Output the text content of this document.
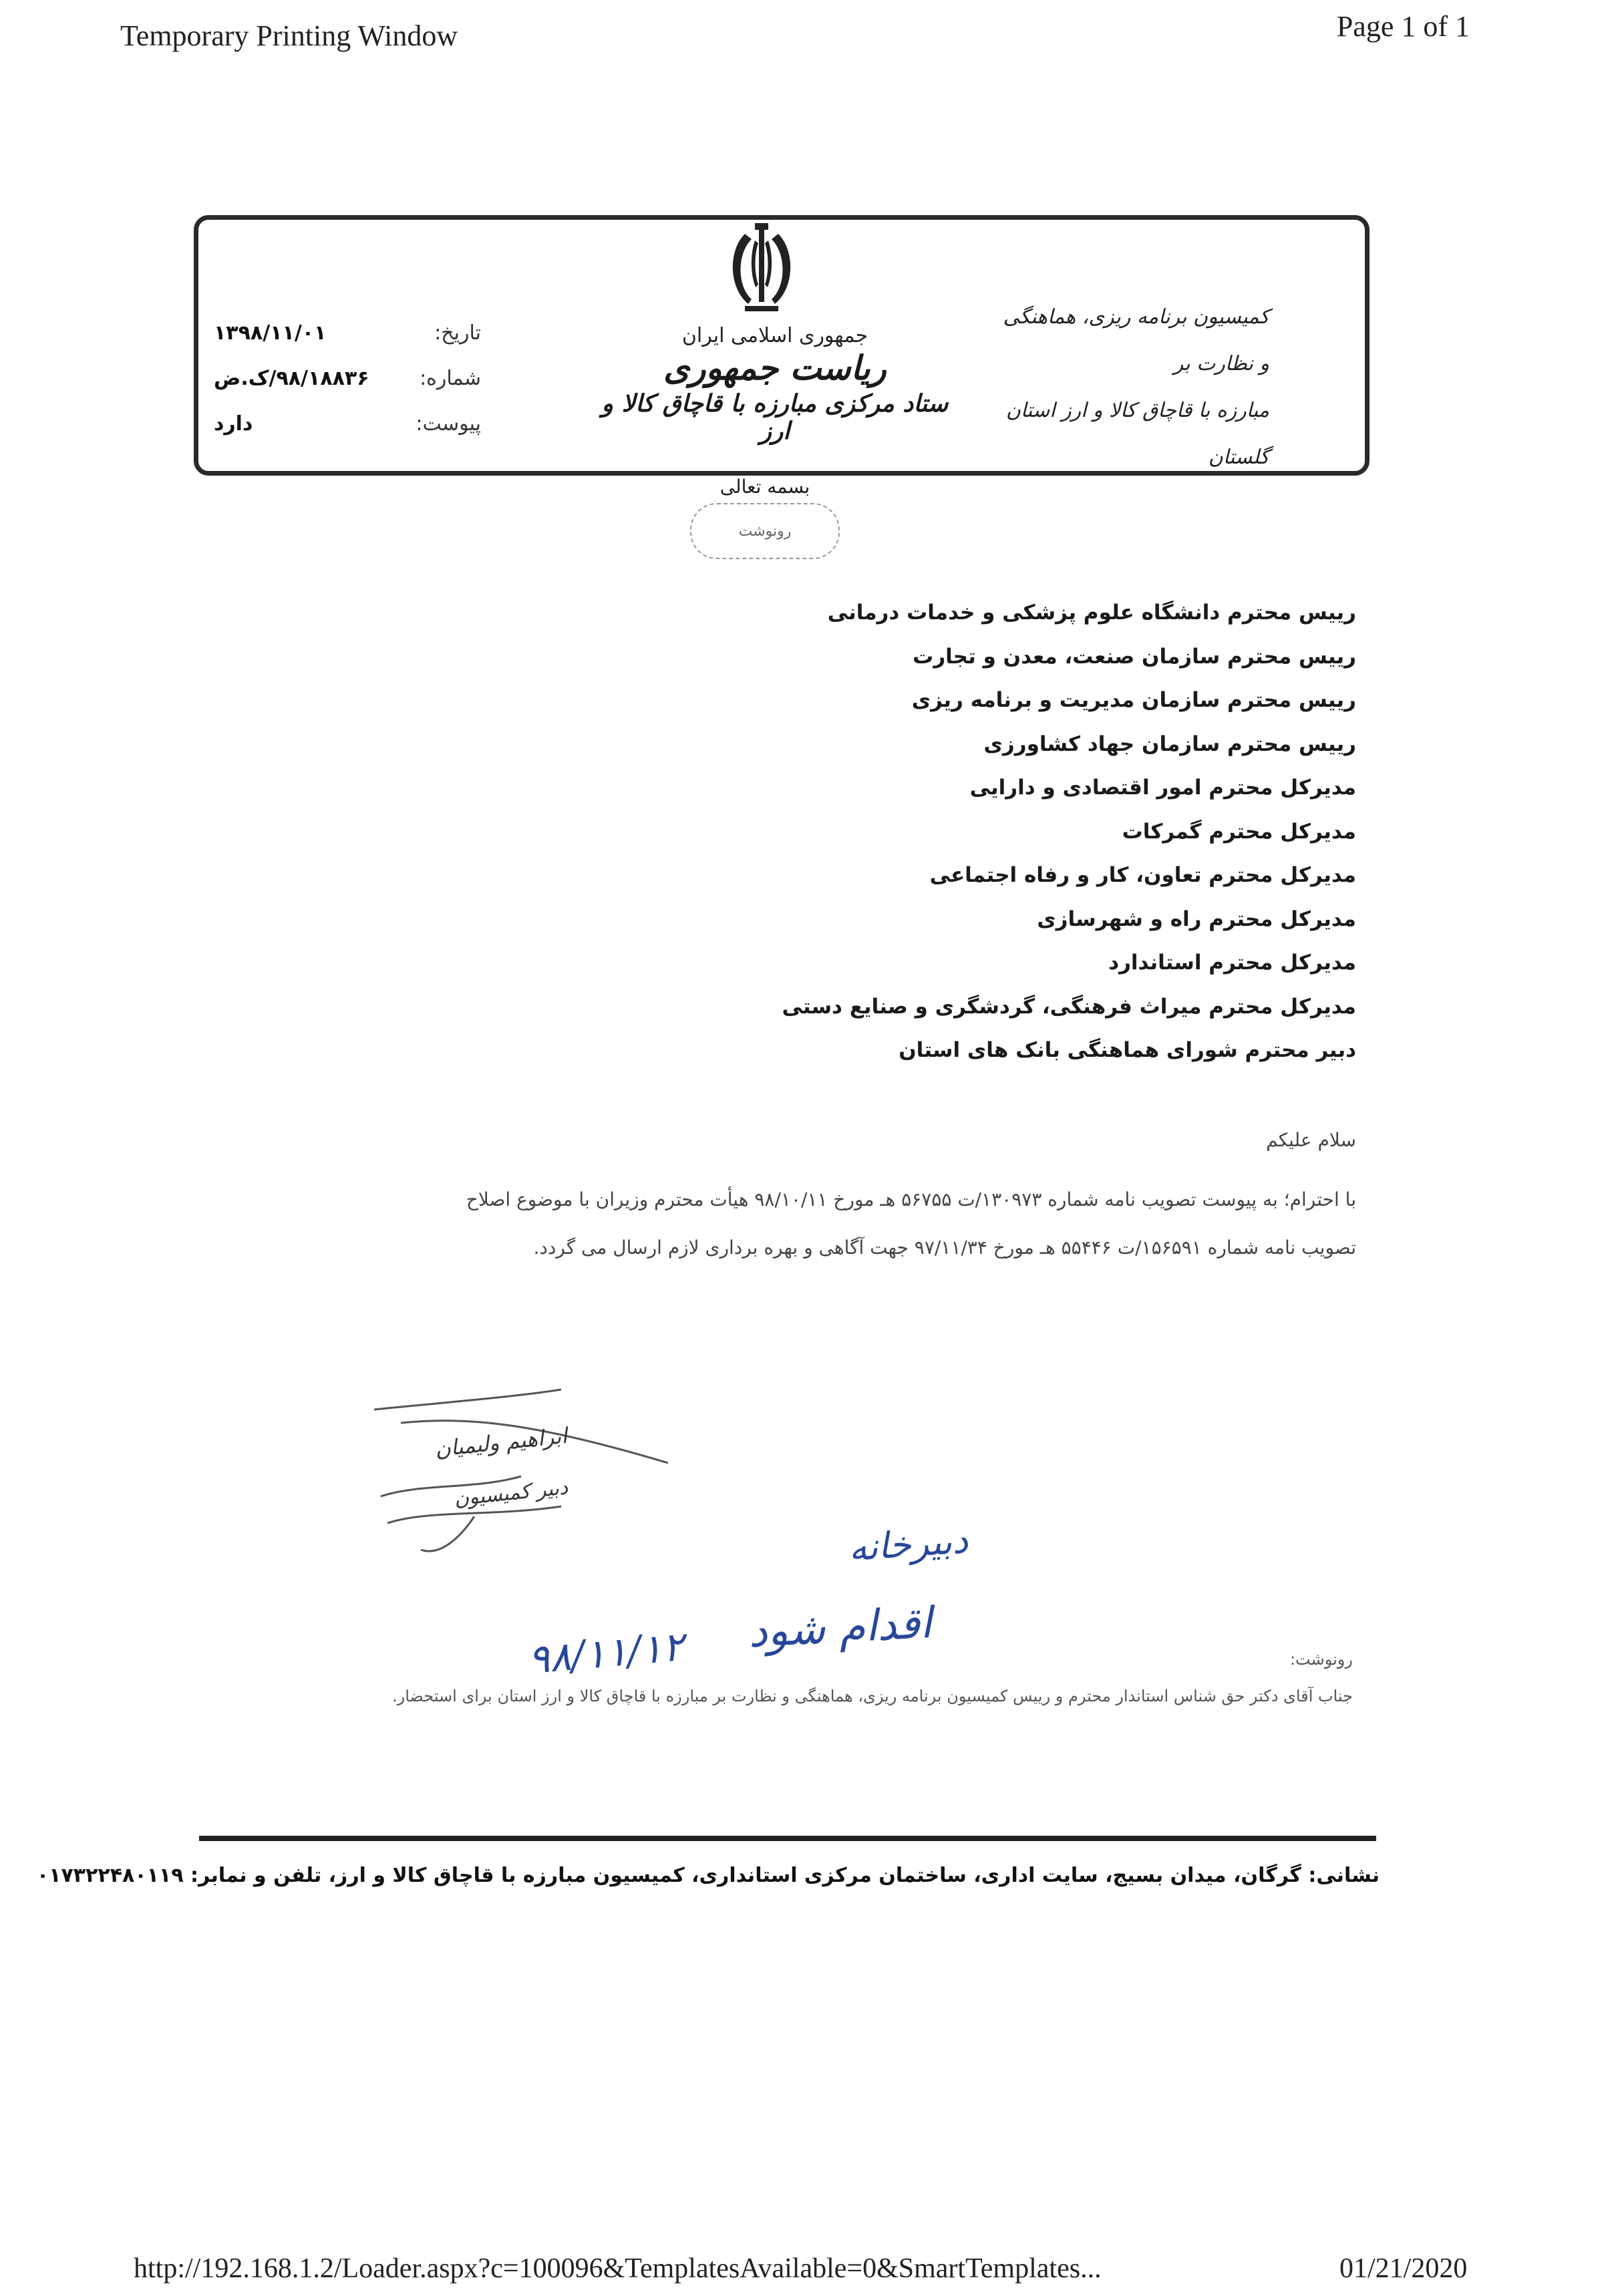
Temporary Printing Window	Page 1 of 1
تاریخ:
۱۳۹۸/۱۱/۰۱
شماره:
۹۸/۱۸۸۳۶/ک.ض
پیوست:
دارد
جمهوری اسلامی ایران
ریاست جمهوری
ستاد مرکزی مبارزه با قاچاق کالا و ارز
کمیسیون برنامه ریزی، هماهنگی و نظارت بر
مبارزه با قاچاق کالا و ارز استان گلستان
بسمه تعالی
رونوشت
رییس محترم دانشگاه علوم پزشکی و خدمات درمانی
رییس محترم سازمان صنعت، معدن و تجارت
رییس محترم سازمان مدیریت و برنامه ریزی
رییس محترم سازمان جهاد کشاورزی
مدیرکل محترم امور اقتصادی و دارایی
مدیرکل محترم گمرکات
مدیرکل محترم تعاون، کار و رفاه اجتماعی
مدیرکل محترم راه و شهرسازی
مدیرکل محترم استاندارد
مدیرکل محترم میراث فرهنگی، گردشگری و صنایع دستی
دبیر محترم شورای هماهنگی بانک های استان
سلام علیکم
با احترام؛ به پیوست تصویب نامه شماره ۱۳۰۹۷۳/ت ۵۶۷۵۵ هـ مورخ ۹۸/۱۰/۱۱ هیأت محترم وزیران با موضوع اصلاح
تصویب نامه شماره ۱۵۶۵۹۱/ت ۵۵۴۴۶ هـ مورخ ۹۷/۱۱/۳۴ جهت آگاهی و بهره برداری لازم ارسال می گردد.
ابراهیم ولیمیان
دبیر کمیسیون
دبیرخانه
اقدام شود
۹۸/۱۱/۱۲	رونوشت:
جناب آقای دکتر حق شناس استاندار محترم و رییس کمیسیون برنامه ریزی، هماهنگی و نظارت بر مبارزه با قاچاق کالا و ارز استان برای استحضار.
نشانی: گرگان، میدان بسیج، سایت اداری، ساختمان مرکزی استانداری، کمیسیون مبارزه با قاچاق کالا و ارز، تلفن و نمابر: ۰۱۷۳۲۲۴۸۰۱۱۹
http://192.168.1.2/Loader.aspx?c=100096&TemplatesAvailable=0&SmartTemplates...	01/21/2020
